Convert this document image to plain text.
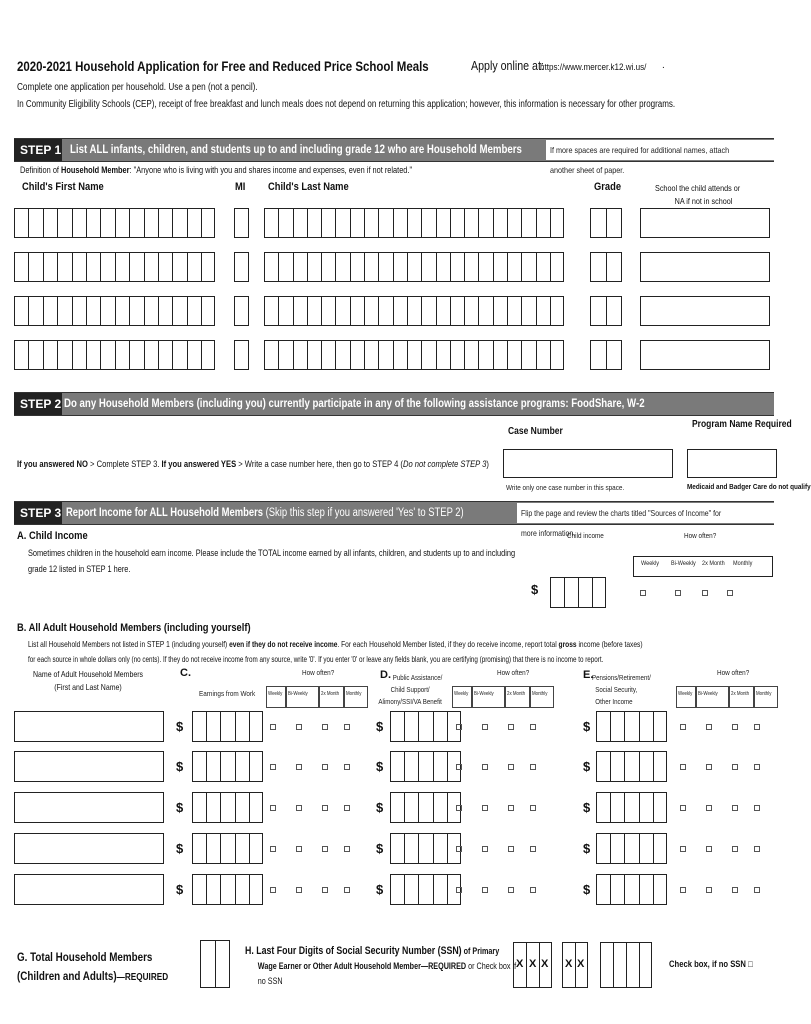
2020-2021 Household Application for Free and Reduced Price School Meals	Apply online at:
https://www.mercer.k12.wi.us/ .
Complete one application per household. Use a pen (not a pencil).
In Community Eligibility Schools (CEP), receipt of free breakfast and lunch meals does not depend on returning this application; however, this information is necessary for other programs.
STEP 1 List ALL infants, children, and students up to and including grade 12 who are Household Members	If more spaces are required for additional names, attach another sheet of paper.
Definition of Household Member: "Anyone who is living with you and shares income and expenses, even if not related."
Child's First Name	MI Child's Last Name	Grade	School the child attends or
NA if not in school
STEP 2 Do any Household Members (including you) currently participate in any of the following assistance programs: FoodShare, W-2 Cash Benefits, or FDPIR?	Case Number
Program Name Required
If you answered NO > Complete STEP 3. If you answered YES > Write a case number here, then go to STEP 4 (Do not complete STEP 3)
Write only one case number in this space.	Medicaid and Badger Care do not qualify
STEP 3 Report Income for ALL Household Members (Skip this step if you answered 'Yes' to STEP 2)	Flip the page and review the charts titled "Sources of Income" for more information.
A. Child Income
Sometimes children in the household earn income. Please include the TOTAL income earned by all infants, children, and students up to and including
grade 12 listed in STEP 1 here.
Child income	How often?
Weekly Bi-Weekly 2x Month Monthly
$
B. All Adult Household Members (including yourself)
List all Household Members not listed in STEP 1 (including yourself) even if they do not receive income. For each Household Member listed, if they do receive income, report total gross income (before taxes)
for each source in whole dollars only (no cents). If they do not receive income from any source, write '0'. If you enter '0' or leave any fields blank, you are certifying (promising) that there is no income to report.
Name of Adult Household Members
(First and Last Name)
C.	How often?
Earnings from Work
D. Public Assistance/
Child Support/
Alimony/SSI/VA Benefit
How often?	E.
Pensions/Retirement/
Social Security,
Other Income
How often?
Weekly Bi-Weekly 2x Month Monthly	Weekly Bi-Weekly 2x Month Monthly	Weekly Bi-Weekly 2x Month Monthly
$	$	$
$	$	$
$	$	$
$	$	$
$	$	$
G. Total Household Members (Children and Adults)—REQUIRED
H. Last Four Digits of Social Security Number (SSN) of Primary
Wage Earner or Other Adult Household Member—REQUIRED or Check box if
no SSN
X X X X X	Check box, if no SSN □
